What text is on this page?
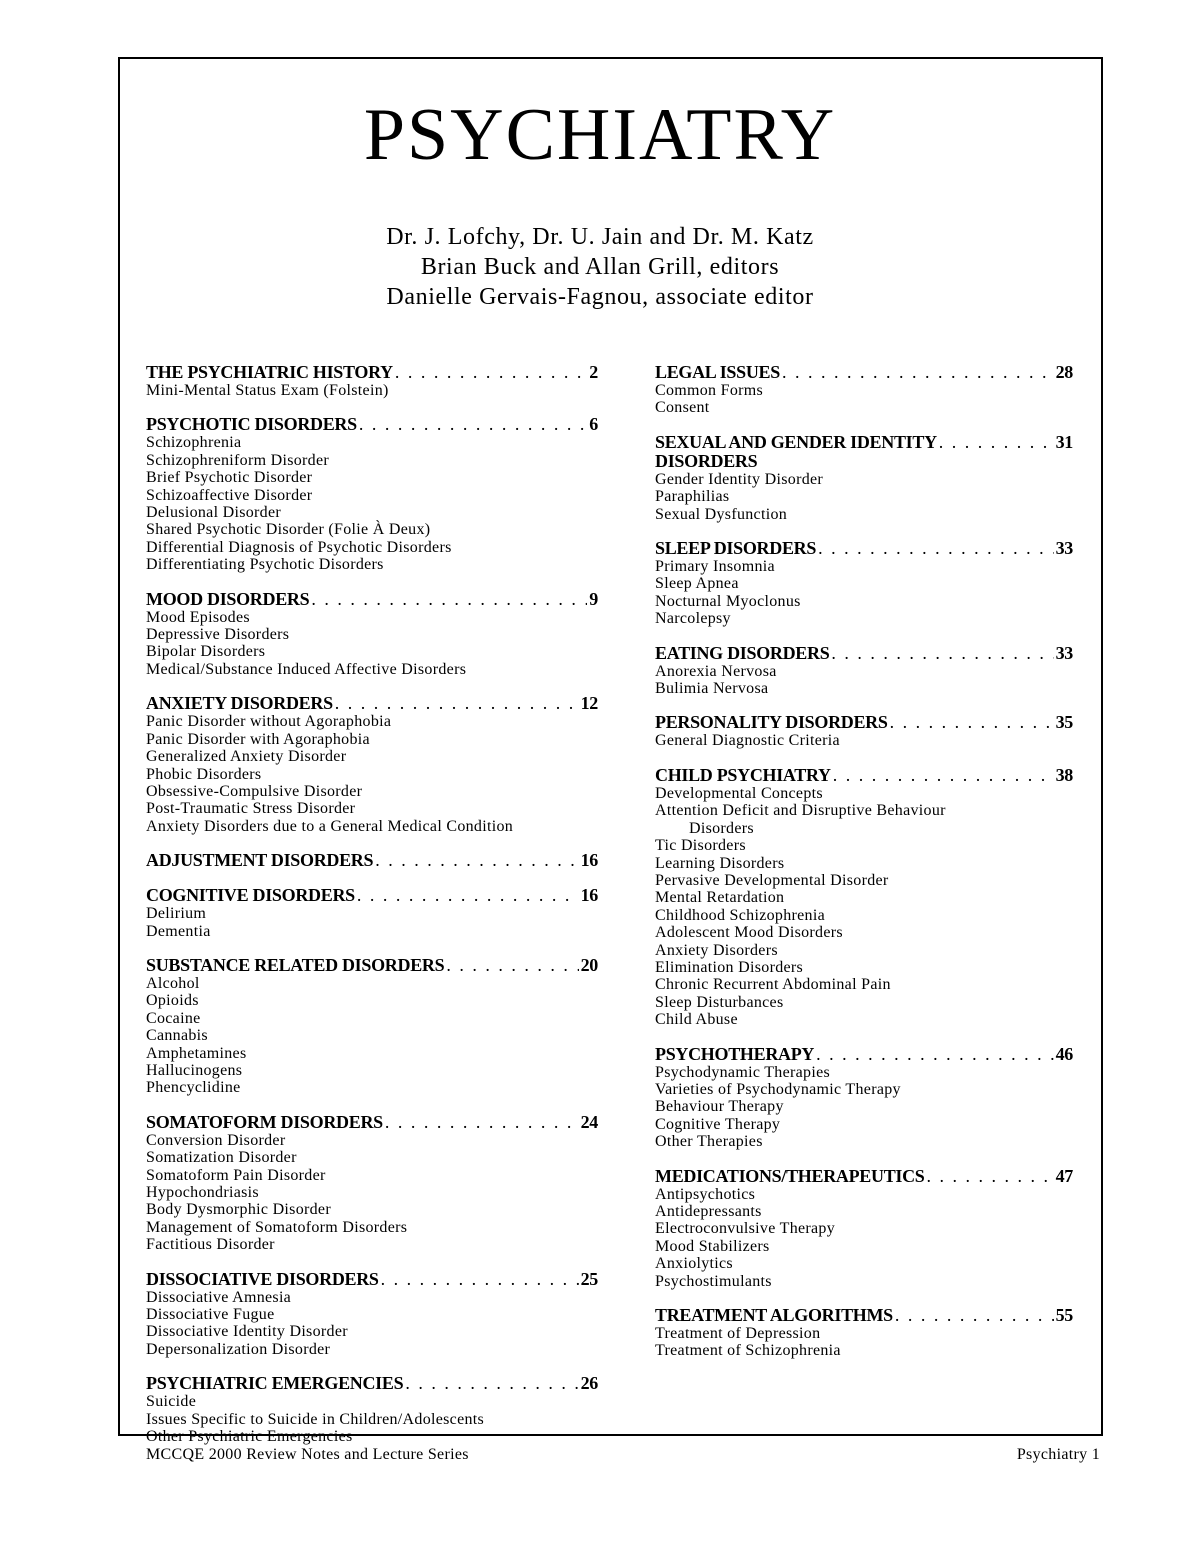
PSYCHIATRY
Dr. J. Lofchy, Dr. U. Jain and Dr. M. Katz
Brian Buck and Allan Grill, editors
Danielle Gervais-Fagnou, associate editor
THE PSYCHIATRIC HISTORY . . .	2
Mini-Mental Status Exam (Folstein)
PSYCHOTIC DISORDERS . . .	6
Schizophrenia
Schizophreniform Disorder
Brief Psychotic Disorder
Schizoaffective Disorder
Delusional Disorder
Shared Psychotic Disorder (Folie À Deux)
Differential Diagnosis of Psychotic Disorders
Differentiating Psychotic Disorders
MOOD DISORDERS . . .	9
Mood Episodes
Depressive Disorders
Bipolar Disorders
Medical/Substance Induced Affective Disorders
ANXIETY DISORDERS . . .	12
Panic Disorder without Agoraphobia
Panic Disorder with Agoraphobia
Generalized Anxiety Disorder
Phobic Disorders
Obsessive-Compulsive Disorder
Post-Traumatic Stress Disorder
Anxiety Disorders due to a General Medical Condition
ADJUSTMENT DISORDERS . . .	16
COGNITIVE DISORDERS . . .	16
Delirium
Dementia
SUBSTANCE RELATED DISORDERS . . .	20
Alcohol
Opioids
Cocaine
Cannabis
Amphetamines
Hallucinogens
Phencyclidine
SOMATOFORM DISORDERS . . .	24
Conversion Disorder
Somatization Disorder
Somatoform Pain Disorder
Hypochondriasis
Body Dysmorphic Disorder
Management of Somatoform Disorders
Factitious Disorder
DISSOCIATIVE DISORDERS . . .	25
Dissociative Amnesia
Dissociative Fugue
Dissociative Identity Disorder
Depersonalization Disorder
PSYCHIATRIC EMERGENCIES . . .	26
Suicide
Issues Specific to Suicide in Children/Adolescents
Other Psychiatric Emergencies
LEGAL ISSUES . . .	28
Common Forms
Consent
SEXUAL AND GENDER IDENTITY . . .	31
DISORDERS
Gender Identity Disorder
Paraphilias
Sexual Dysfunction
SLEEP DISORDERS . . .	33
Primary Insomnia
Sleep Apnea
Nocturnal Myoclonus
Narcolepsy
EATING DISORDERS . . .	33
Anorexia Nervosa
Bulimia Nervosa
PERSONALITY DISORDERS . . .	35
General Diagnostic Criteria
CHILD PSYCHIATRY . . .	38
Developmental Concepts
Attention Deficit and Disruptive Behaviour
Disorders
Tic Disorders
Learning Disorders
Pervasive Developmental Disorder
Mental Retardation
Childhood Schizophrenia
Adolescent Mood Disorders
Anxiety Disorders
Elimination Disorders
Chronic Recurrent Abdominal Pain
Sleep Disturbances
Child Abuse
PSYCHOTHERAPY . . .	46
Psychodynamic Therapies
Varieties of Psychodynamic Therapy
Behaviour Therapy
Cognitive Therapy
Other Therapies
MEDICATIONS/THERAPEUTICS . . .	47
Antipsychotics
Antidepressants
Electroconvulsive Therapy
Mood Stabilizers
Anxiolytics
Psychostimulants
TREATMENT ALGORITHMS . . .	55
Treatment of Depression
Treatment of Schizophrenia
MCCQE 2000 Review Notes and Lecture Series	Psychiatry 1
